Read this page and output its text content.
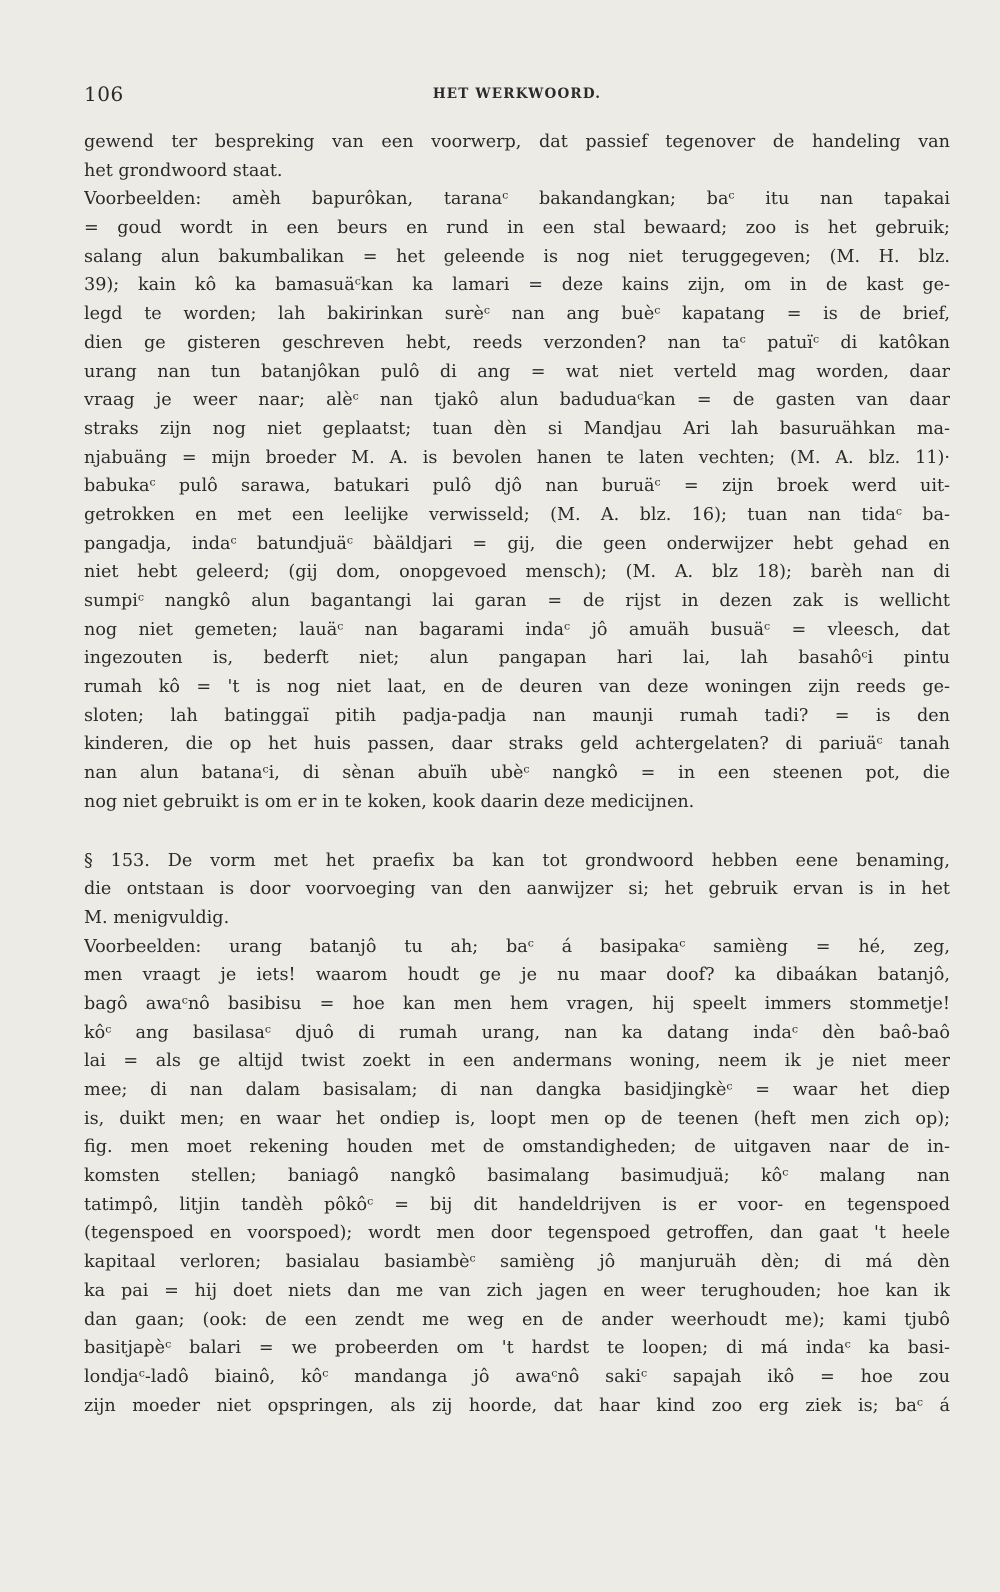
106	HET WERKWOORD.
gewend ter bespreking van een voorwerp, dat passief tegenover de handeling van
het grondwoord staat.
Voorbeelden: amèh bapurôkan, taranaᶜ bakandangkan; baᶜ itu nan tapakai
= goud wordt in een beurs en rund in een stal bewaard; zoo is het gebruik;
salang alun bakumbalikan = het geleende is nog niet teruggegeven; (M. H. blz.
39); kain kô ka bamasuäᶜkan ka lamari = deze kains zijn, om in de kast ge-
legd te worden; lah bakirinkan surèᶜ nan ang buèᶜ kapatang = is de brief,
dien ge gisteren geschreven hebt, reeds verzonden? nan taᶜ patuïᶜ di katôkan
urang nan tun batanjôkan pulô di ang = wat niet verteld mag worden, daar
vraag je weer naar; alèᶜ nan tjakô alun baduduaᶜkan = de gasten van daar
straks zijn nog niet geplaatst; tuan dèn si Mandjau Ari lah basuruähkan ma-
njabuäng = mijn broeder M. A. is bevolen hanen te laten vechten; (M. A. blz. 11)·
babukaᶜ pulô sarawa, batukari pulô djô nan buruäᶜ = zijn broek werd uit-
getrokken en met een leelijke verwisseld; (M. A. blz. 16); tuan nan tidaᶜ ba-
pangadja, indaᶜ batundjuäᶜ bàäldjari = gij, die geen onderwijzer hebt gehad en
niet hebt geleerd; (gij dom, onopgevoed mensch); (M. A. blz 18); barèh nan di
sumpiᶜ nangkô alun bagantangi lai garan = de rijst in dezen zak is wellicht
nog niet gemeten; lauäᶜ nan bagarami indaᶜ jô amuäh busuäᶜ = vleesch, dat
ingezouten is, bederft niet; alun pangapan hari lai, lah basahôᶜi pintu
rumah kô = 't is nog niet laat, en de deuren van deze woningen zijn reeds ge-
sloten; lah batinggaï pitih padja-padja nan maunji rumah tadi? = is den
kinderen, die op het huis passen, daar straks geld achtergelaten? di pariuäᶜ tanah
nan alun batanaᶜi, di sènan abuïh ubèᶜ nangkô = in een steenen pot, die
nog niet gebruikt is om er in te koken, kook daarin deze medicijnen.
§ 153. De vorm met het praefix ba kan tot grondwoord hebben eene benaming,
die ontstaan is door voorvoeging van den aanwijzer si; het gebruik ervan is in het
M. menigvuldig.
Voorbeelden: urang batanjô tu ah; baᶜ á basipakaᶜ samièng = hé, zeg,
men vraagt je iets! waarom houdt ge je nu maar doof? ka dibaákan batanjô,
bagô awaᶜnô basibisu = hoe kan men hem vragen, hij speelt immers stommetje!
kôᶜ ang basilasaᶜ djuô di rumah urang, nan ka datang indaᶜ dèn baô-baô
lai = als ge altijd twist zoekt in een andermans woning, neem ik je niet meer
mee; di nan dalam basisalam; di nan dangka basidjingkèᶜ = waar het diep
is, duikt men; en waar het ondiep is, loopt men op de teenen (heft men zich op);
fig. men moet rekening houden met de omstandigheden; de uitgaven naar de in-
komsten stellen; baniagô nangkô basimalang basimudjuä; kôᶜ malang nan
tatimpô, litjin tandèh pôkôᶜ = bij dit handeldrijven is er voor- en tegenspoed
(tegenspoed en voorspoed); wordt men door tegenspoed getroffen, dan gaat 't heele
kapitaal verloren; basialau basiambèᶜ samièng jô manjuruäh dèn; di má dèn
ka pai = hij doet niets dan me van zich jagen en weer terughouden; hoe kan ik
dan gaan; (ook: de een zendt me weg en de ander weerhoudt me); kami tjubô
basitjapèᶜ balari = we probeerden om 't hardst te loopen; di má indaᶜ ka basi-
londjaᶜ-ladô biainô, kôᶜ mandanga jô awaᶜnô sakiᶜ sapajah ikô = hoe zou
zijn moeder niet opspringen, als zij hoorde, dat haar kind zoo erg ziek is; baᶜ á
